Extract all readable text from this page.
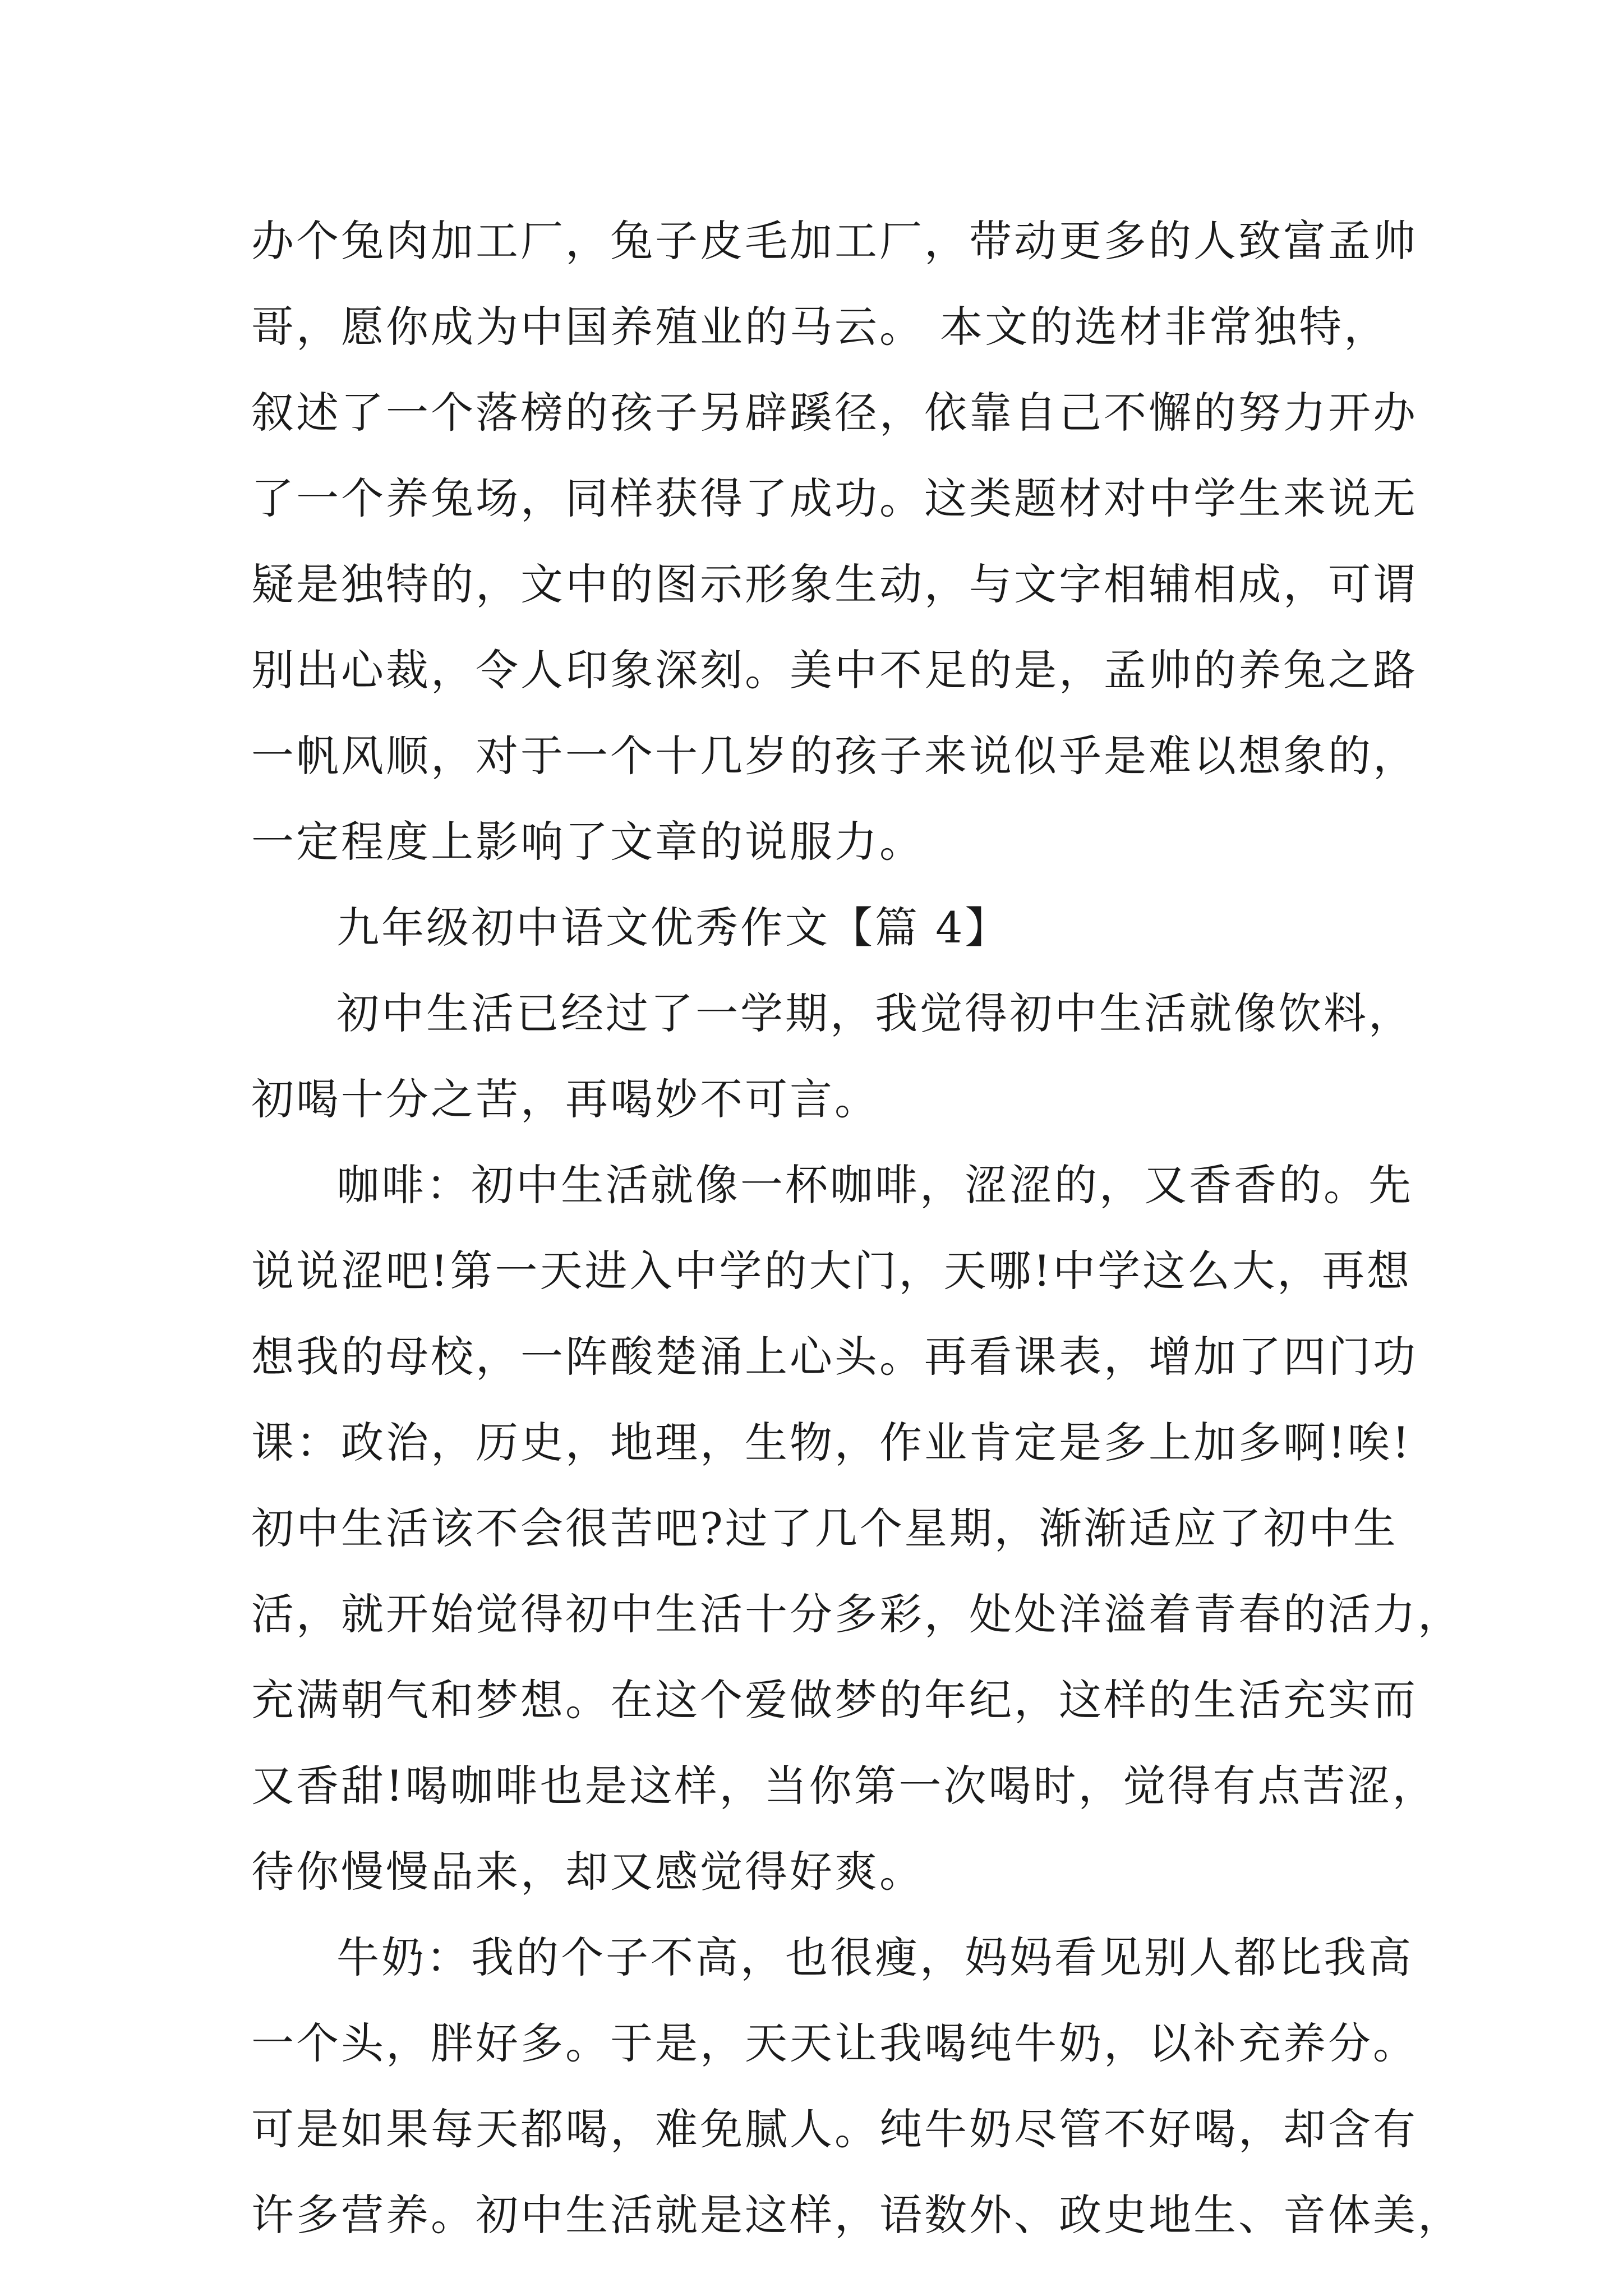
办个兔肉加工厂，兔子皮毛加工厂，带动更多的人致富孟帅
哥，愿你成为中国养殖业的马云。 本文的选材非常独特，
叙述了一个落榜的孩子另辟蹊径，依靠自己不懈的努力开办
了一个养兔场，同样获得了成功。这类题材对中学生来说无
疑是独特的，文中的图示形象生动，与文字相辅相成，可谓
别出心裁，令人印象深刻。美中不足的是，孟帅的养兔之路
一帆风顺，对于一个十几岁的孩子来说似乎是难以想象的，
一定程度上影响了文章的说服力。
九年级初中语文优秀作文【篇 4】
初中生活已经过了一学期，我觉得初中生活就像饮料，
初喝十分之苦，再喝妙不可言。
咖啡：初中生活就像一杯咖啡，涩涩的，又香香的。先
说说涩吧!第一天进入中学的大门，天哪!中学这么大，再想
想我的母校，一阵酸楚涌上心头。再看课表，增加了四门功
课：政治，历史，地理，生物，作业肯定是多上加多啊!唉!
初中生活该不会很苦吧?过了几个星期，渐渐适应了初中生
活，就开始觉得初中生活十分多彩，处处洋溢着青春的活力，
充满朝气和梦想。在这个爱做梦的年纪，这样的生活充实而
又香甜!喝咖啡也是这样，当你第一次喝时，觉得有点苦涩，
待你慢慢品来，却又感觉得好爽。
牛奶：我的个子不高，也很瘦，妈妈看见别人都比我高
一个头，胖好多。于是，天天让我喝纯牛奶，以补充养分。
可是如果每天都喝，难免腻人。纯牛奶尽管不好喝，却含有
许多营养。初中生活就是这样，语数外、政史地生、音体美，
